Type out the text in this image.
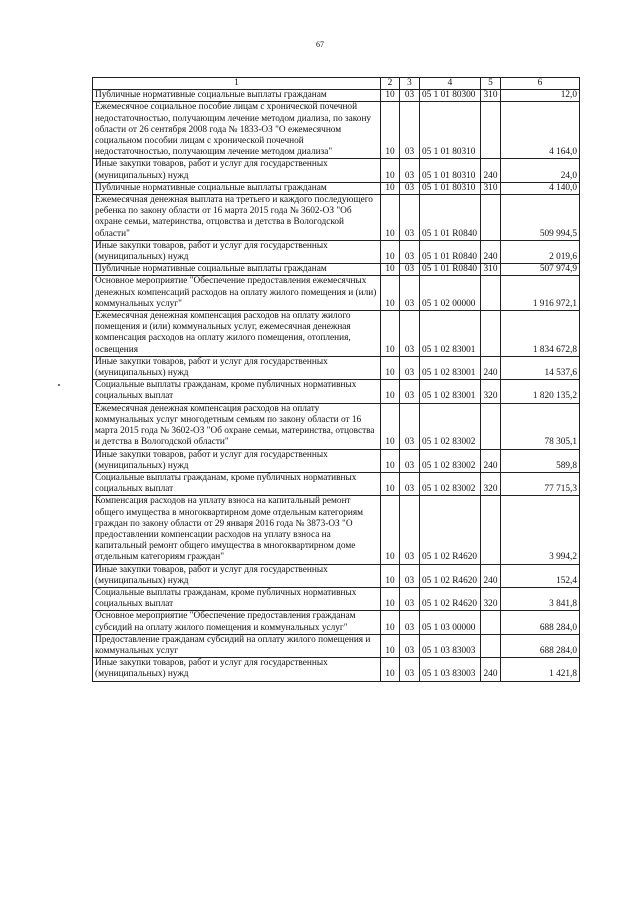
67
1	2	3	4	5	6
Публичные нормативные социальные выплаты гражданам	10	03	05 1 01 80300	310	12,0
Ежемесячное социальное пособие лицам с хронической почечной недостаточностью, получающим лечение методом диализа, по закону области от 26 сентября 2008 года № 1833-ОЗ "О ежемесячном социальном пособии лицам с хронической почечной недостаточностью, получающим лечение методом диализа"	10	03	05 1 01 80310		4 164,0
Иные закупки товаров, работ и услуг для государственных (муниципальных) нужд	10	03	05 1 01 80310	240	24,0
Публичные нормативные социальные выплаты гражданам	10	03	05 1 01 80310	310	4 140,0
Ежемесячная денежная выплата на третьего и каждого последующего ребенка по закону области от 16 марта 2015 года № 3602-ОЗ "Об охране семьи, материнства, отцовства и детства в Вологодской области"	10	03	05 1 01 R0840		509 994,5
Иные закупки товаров, работ и услуг для государственных (муниципальных) нужд	10	03	05 1 01 R0840	240	2 019,6
Публичные нормативные социальные выплаты гражданам	10	03	05 1 01 R0840	310	507 974,9
Основное мероприятие "Обеспечение предоставления ежемесячных денежных компенсаций расходов на оплату жилого помещения и (или) коммунальных услуг"	10	03	05 1 02 00000		1 916 972,1
Ежемесячная денежная компенсация расходов на оплату жилого помещения и (или) коммунальных услуг, ежемесячная денежная компенсация расходов на оплату жилого помещения, отопления, освещения	10	03	05 1 02 83001		1 834 672,8
Иные закупки товаров, работ и услуг для государственных (муниципальных) нужд	10	03	05 1 02 83001	240	14 537,6
Социальные выплаты гражданам, кроме публичных нормативных социальных выплат	10	03	05 1 02 83001	320	1 820 135,2
Ежемесячная денежная компенсация расходов на оплату коммунальных услуг многодетным семьям по закону области от 16 марта 2015 года № 3602-ОЗ "Об охране семьи, материнства, отцовства и детства в Вологодской области"	10	03	05 1 02 83002		78 305,1
Иные закупки товаров, работ и услуг для государственных (муниципальных) нужд	10	03	05 1 02 83002	240	589,8
Социальные выплаты гражданам, кроме публичных нормативных социальных выплат	10	03	05 1 02 83002	320	77 715,3
Компенсация расходов на уплату взноса на капитальный ремонт общего имущества в многоквартирном доме отдельным категориям граждан по закону области от 29 января 2016 года № 3873-ОЗ "О предоставлении компенсации расходов на уплату взноса на капитальный ремонт общего имущества в многоквартирном доме отдельным категориям граждан"	10	03	05 1 02 R4620		3 994,2
Иные закупки товаров, работ и услуг для государственных (муниципальных) нужд	10	03	05 1 02 R4620	240	152,4
Социальные выплаты гражданам, кроме публичных нормативных социальных выплат	10	03	05 1 02 R4620	320	3 841,8
Основное мероприятие "Обеспечение предоставления гражданам субсидий на оплату жилого помещения и коммунальных услуг"	10	03	05 1 03 00000		688 284,0
Предоставление гражданам субсидий на оплату жилого помещения и коммунальных услуг	10	03	05 1 03 83003		688 284,0
Иные закупки товаров, работ и услуг для государственных (муниципальных) нужд	10	03	05 1 03 83003	240	1 421,8
